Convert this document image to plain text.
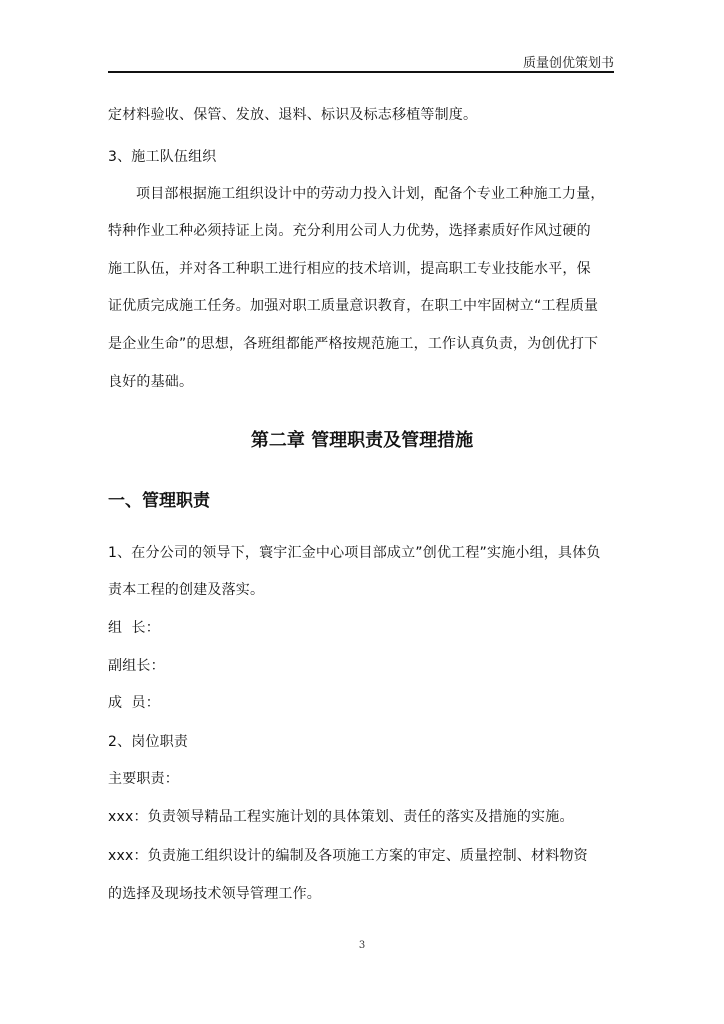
质量创优策划书
定材料验收、保管、发放、退料、标识及标志移植等制度。
3、施工队伍组织
项目部根据施工组织设计中的劳动力投入计划，配备个专业工种施工力量，
特种作业工种必须持证上岗。充分利用公司人力优势，选择素质好作风过硬的
施工队伍，并对各工种职工进行相应的技术培训，提高职工专业技能水平，保
证优质完成施工任务。加强对职工质量意识教育，在职工中牢固树立“工程质量
是企业生命”的思想，各班组都能严格按规范施工，工作认真负责，为创优打下
良好的基础。
第二章 管理职责及管理措施
一、管理职责
1、在分公司的领导下，寰宇汇金中心项目部成立”创优工程”实施小组，具体负
责本工程的创建及落实。
组  长：
副组长：
成  员：
2、岗位职责
主要职责：
xxx：负责领导精品工程实施计划的具体策划、责任的落实及措施的实施。
xxx：负责施工组织设计的编制及各项施工方案的审定、质量控制、材料物资
的选择及现场技术领导管理工作。
3
